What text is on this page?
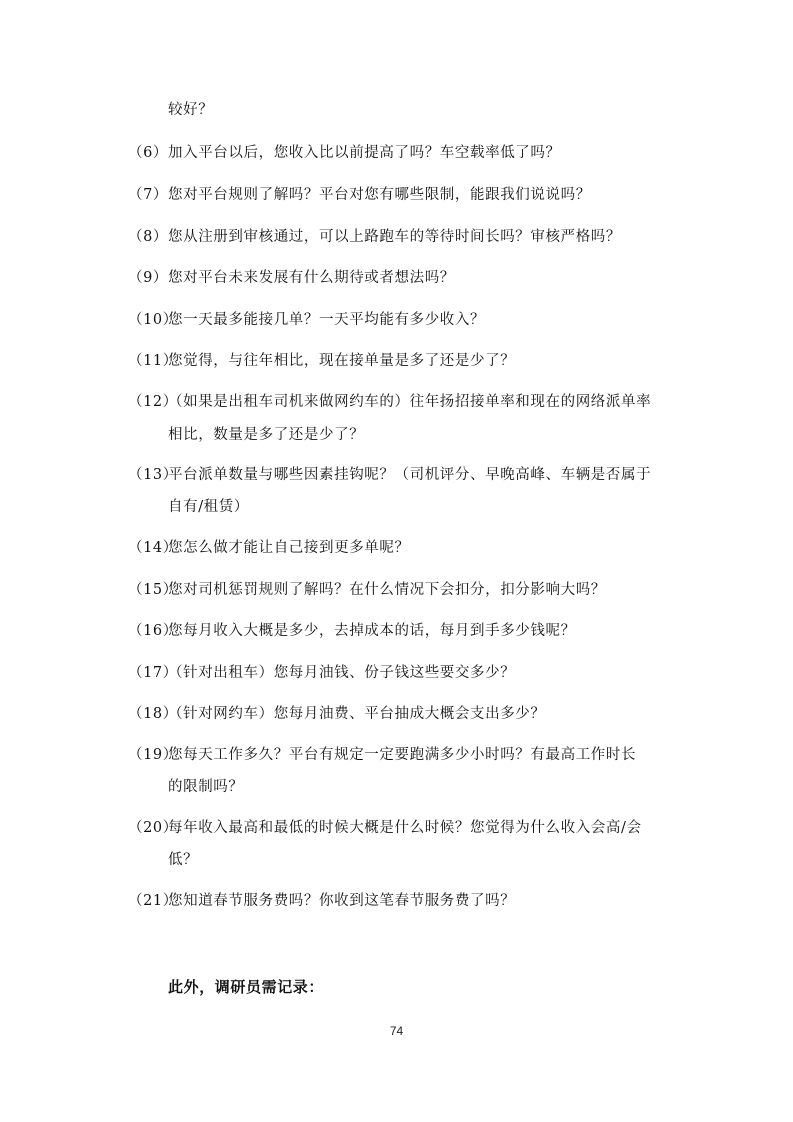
较好？
（6） 加入平台以后，您收入比以前提高了吗？车空载率低了吗？
（7） 您对平台规则了解吗？平台对您有哪些限制，能跟我们说说吗？
（8） 您从注册到审核通过，可以上路跑车的等待时间长吗？审核严格吗？
（9） 您对平台未来发展有什么期待或者想法吗？
（10）
您一天最多能接几单？一天平均能有多少收入？
（11）
您觉得，与往年相比，现在接单量是多了还是少了？
（12）
（如果是出租车司机来做网约车的）往年扬招接单率和现在的网络派单率
相比，数量是多了还是少了？
（13）
平台派单数量与哪些因素挂钩呢？（司机评分、早晚高峰、车辆是否属于
自有/租赁）
（14）
您怎么做才能让自己接到更多单呢？
（15）
您对司机惩罚规则了解吗？在什么情况下会扣分，扣分影响大吗？
（16）
您每月收入大概是多少，去掉成本的话，每月到手多少钱呢？
（17）
（针对出租车）您每月油钱、份子钱这些要交多少？
（18）
（针对网约车）您每月油费、平台抽成大概会支出多少？
（19）
您每天工作多久？平台有规定一定要跑满多少小时吗？有最高工作时长
的限制吗？
（20）
每年收入最高和最低的时候大概是什么时候？您觉得为什么收入会高/会
低？
（21）
您知道春节服务费吗？你收到这笔春节服务费了吗？
此外，调研员需记录：
74
